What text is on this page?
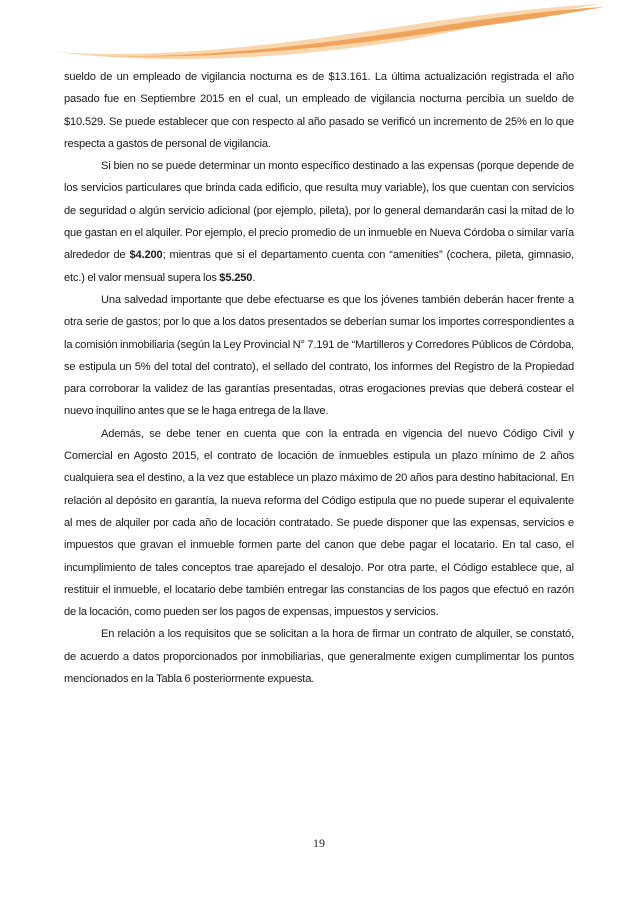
sueldo de un empleado de vigilancia nocturna es de $13.161. La última actualización registrada el año pasado fue en Septiembre 2015 en el cual, un empleado de vigilancia nocturna percibía un sueldo de $10.529. Se puede establecer que con respecto al año pasado se verificó un incremento de 25% en lo que respecta a gastos de personal de vigilancia.

Si bien no se puede determinar un monto específico destinado a las expensas (porque depende de los servicios particulares que brinda cada edificio, que resulta muy variable), los que cuentan con servicios de seguridad o algún servicio adicional (por ejemplo, pileta), por lo general demandarán casi la mitad de lo que gastan en el alquiler. Por ejemplo, el precio promedio de un inmueble en Nueva Córdoba o similar varía alrededor de $4.200; mientras que si el departamento cuenta con “amenities” (cochera, pileta, gimnasio, etc.) el valor mensual supera los $5.250.

Una salvedad importante que debe efectuarse es que los jóvenes también deberán hacer frente a otra serie de gastos; por lo que a los datos presentados se deberían sumar los importes correspondientes a la comisión inmobiliaria (según la Ley Provincial N° 7.191 de “Martilleros y Corredores Públicos de Córdoba, se estipula un 5% del total del contrato), el sellado del contrato, los informes del Registro de la Propiedad para corroborar la validez de las garantías presentadas, otras erogaciones previas que deberá costear el nuevo inquilino antes que se le haga entrega de la llave.

Además, se debe tener en cuenta que con la entrada en vigencia del nuevo Código Civil y Comercial en Agosto 2015, el contrato de locación de inmuebles estipula un plazo mínimo de 2 años cualquiera sea el destino, a la vez que establece un plazo máximo de 20 años para destino habitacional. En relación al depósito en garantía, la nueva reforma del Código estipula que no puede superar el equivalente al mes de alquiler por cada año de locación contratado. Se puede disponer que las expensas, servicios e impuestos que gravan el inmueble formen parte del canon que debe pagar el locatario. En tal caso, el incumplimiento de tales conceptos trae aparejado el desalojo. Por otra parte, el Código establece que, al restituir el inmueble, el locatario debe también entregar las constancias de los pagos que efectuó en razón de la locación, como pueden ser los pagos de expensas, impuestos y servicios.

En relación a los requisitos que se solicitan a la hora de firmar un contrato de alquiler, se constató, de acuerdo a datos proporcionados por inmobiliarias, que generalmente exigen cumplimentar los puntos mencionados en la Tabla 6 posteriormente expuesta.

19
